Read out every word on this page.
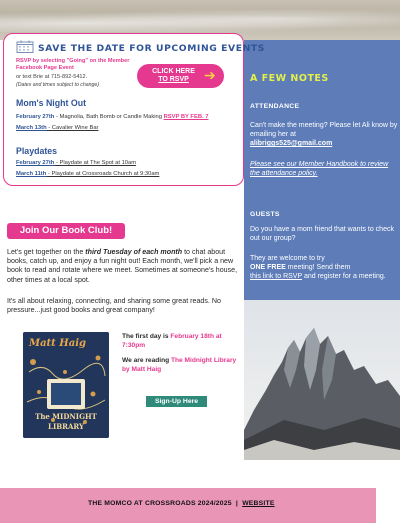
SAVE THE DATE FOR UPCOMING EVENTS
RSVP by selecting "Going" on the Member Facebook Page Event
or text Brie at 715-892-5412.
(Dates and times subject to change)
CLICK HERE
TO RSVP	➔
Mom's Night Out
February 27th - Magnolia, Bath Bomb or Candle Making RSVP BY FEB. 7
March 13th - Cavalier Wine Bar
Playdates
February 27th - Playdate at The Spot at 10am
March 11th - Playdate at Crossroads Church at 9:30am
A FEW NOTES
ATTENDANCE
Can't make the meeting? Please let Ali know by emailing her at
alibriggs525@gmail.com
Please see our Member Handbook to review the attendance policy.
GUESTS
Do you have a mom friend that wants to check out our group?
They are welcome to try
ONE FREE meeting! Send them
this link to RSVP and register for a meeting.
Join Our Book Club!
Let's get together on the third Tuesday of each month to chat about books, catch up, and enjoy a fun night out! Each month, we'll pick a new book to read and rotate where we meet. Sometimes at someone's house, other times at a local spot.
It's all about relaxing, connecting, and sharing some great reads. No pressure...just good books and great company!
Matt Haig
The MIDNIGHT
LIBRARY
The first day is February 18th at 7:30pm
We are reading The Midnight Library by Matt Haig
Sign-Up Here
THE MOMCO AT CROSSROADS 2024/2025 | WEBSITE
